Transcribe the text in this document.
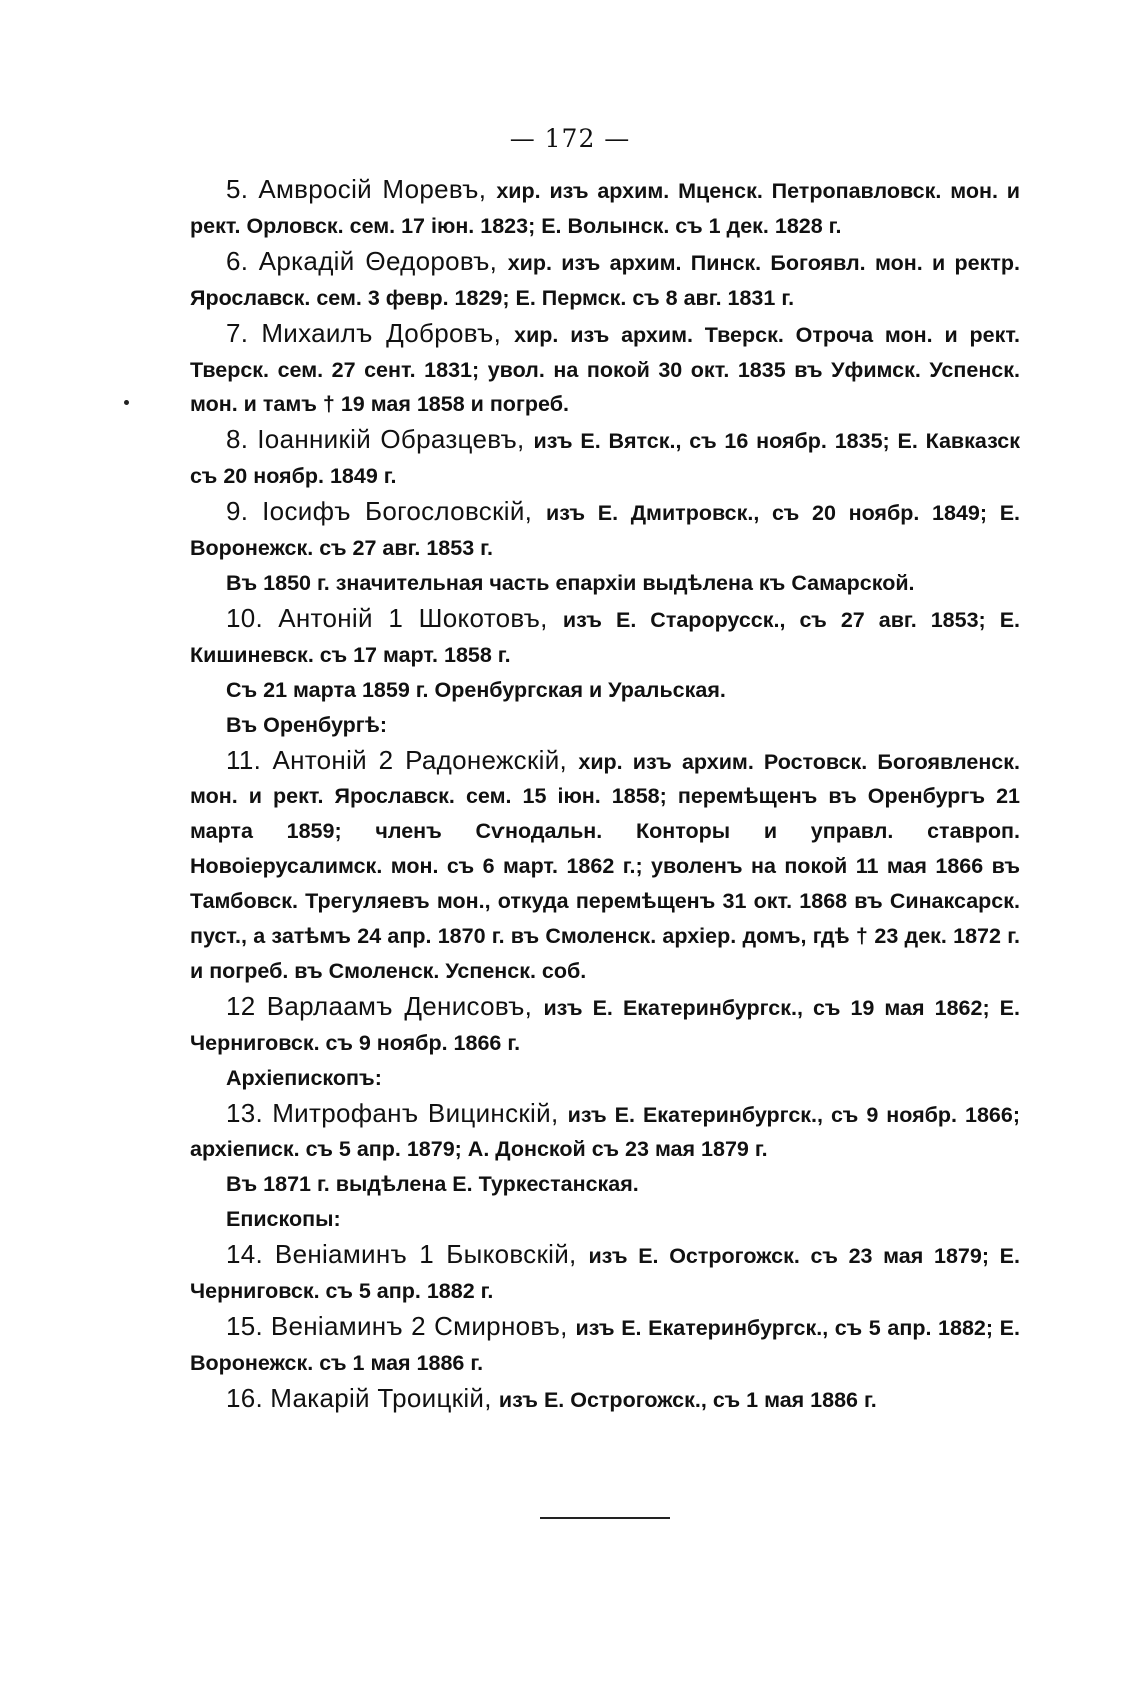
— 172 —

5. Амвросій Моревъ, хир. изъ архим. Мценск. Петропавловск. мон. и рект. Орловск. сем. 17 іюн. 1823; Е. Волынск. съ 1 дек. 1828 г.

6. Аркадій Θедоровъ, хир. изъ архим. Пинск. Богоявл. мон. и ректр. Ярославск. сем. 3 февр. 1829; Е. Пермск. съ 8 авг. 1831 г.

7. Михаилъ Добровъ, хир. изъ архим. Тверск. Отроча мон. и рект. Тверск. сем. 27 сент. 1831; увол. на покой 30 окт. 1835 въ Уфимск. Успенск. мон. и тамъ † 19 мая 1858 и погреб.

8. Іоанникій Образцевъ, изъ Е. Вятск., съ 16 ноябр. 1835; Е. Кавказск съ 20 ноябр. 1849 г.

9. Іосифъ Богословскій, изъ Е. Дмитровск., съ 20 ноябр. 1849; Е. Воронежск. съ 27 авг. 1853 г.

Въ 1850 г. значительная часть епархіи выдѣлена къ Самарской.

10. Антоній 1 Шокотовъ, изъ Е. Старорусск., съ 27 авг. 1853; Е. Кишиневск. съ 17 март. 1858 г.

Съ 21 марта 1859 г. Оренбургская и Уральская.

Въ Оренбургѣ:

11. Антоній 2 Радонежскій, хир. изъ архим. Ростовск. Богоявленск. мон. и рект. Ярославск. сем. 15 іюн. 1858; перемѣщенъ въ Оренбургъ 21 марта 1859; членъ Сѵнодальн. Конторы и управл. ставроп. Новоіерусалимск. мон. съ 6 март. 1862 г.; уволенъ на покой 11 мая 1866 въ Тамбовск. Трегуляевъ мон., откуда перемѣщенъ 31 окт. 1868 въ Синаксарск. пуст., а затѣмъ 24 апр. 1870 г. въ Смоленск. архіер. домъ, гдѣ † 23 дек. 1872 г. и погреб. въ Смоленск. Успенск. соб.

12 Варлаамъ Денисовъ, изъ Е. Екатеринбургск., съ 19 мая 1862; Е. Черниговск. съ 9 ноябр. 1866 г.

Архіепископъ:

13. Митрофанъ Вицинскій, изъ Е. Екатеринбургск., съ 9 ноябр. 1866; архіеписк. съ 5 апр. 1879; А. Донской съ 23 мая 1879 г.

Въ 1871 г. выдѣлена Е. Туркестанская.

Епископы:

14. Веніаминъ 1 Быковскій, изъ Е. Острогожск. съ 23 мая 1879; Е. Черниговск. съ 5 апр. 1882 г.

15. Веніаминъ 2 Смирновъ, изъ Е. Екатеринбургск., съ 5 апр. 1882; Е. Воронежск. съ 1 мая 1886 г.

16. Макарій Троицкій, изъ Е. Острогожск., съ 1 мая 1886 г.
